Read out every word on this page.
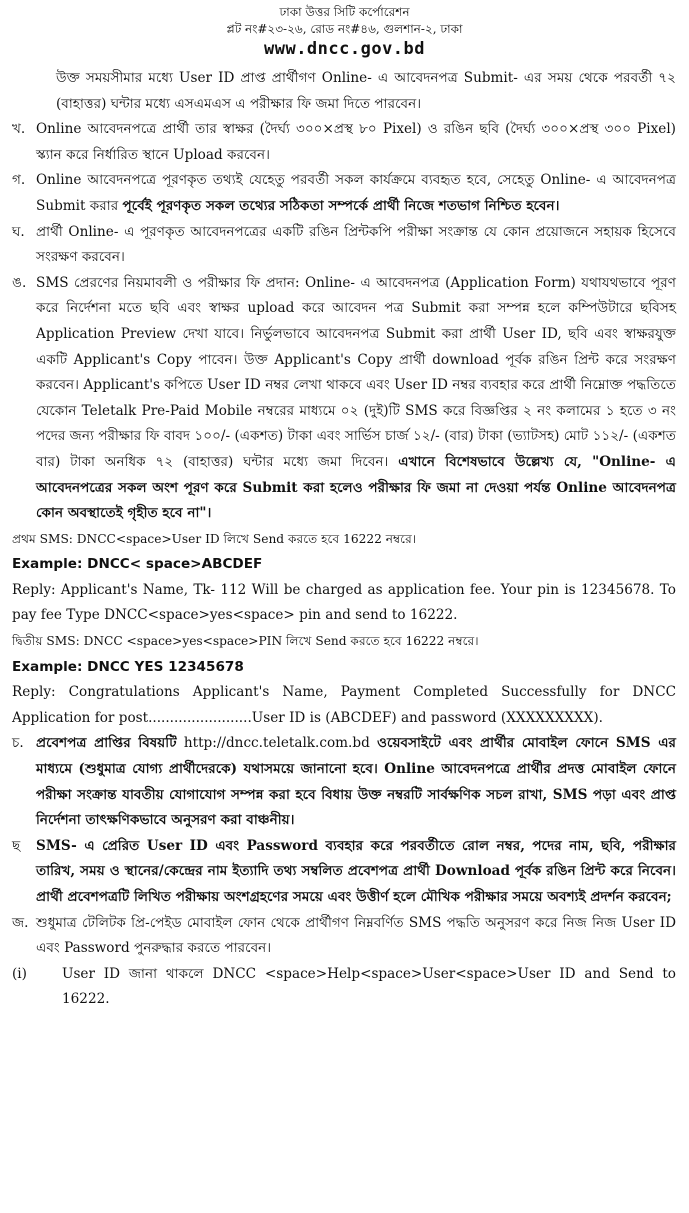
ঢাকা উত্তর সিটি কর্পোরেশন
প্লট নং#২৩-২৬, রোড নং#৪৬, গুলশান-২, ঢাকা
www.dncc.gov.bd

উক্ত সময়সীমার মধ্যে User ID প্রাপ্ত প্রার্থীগণ Online- এ আবেদনপত্র Submit- এর সময় থেকে পরবর্তী ৭২ (বাহাত্তর) ঘন্টার মধ্যে এসএমএস এ পরীক্ষার ফি জমা দিতে পারবেন।

খ. Online আবেদনপত্রে প্রার্থী তার স্বাক্ষর (দৈর্ঘ্য ৩০০×প্রস্থ ৮০ Pixel) ও রঙিন ছবি (দৈর্ঘ্য ৩০০×প্রস্থ ৩০০ Pixel) স্ক্যান করে নির্ধারিত স্থানে Upload করবেন।

গ. Online আবেদনপত্রে পূরণকৃত তথ্যই যেহেতু পরবর্তী সকল কার্যক্রমে ব্যবহৃত হবে, সেহেতু Online- এ আবেদনপত্র Submit করার পূর্বেই পূরণকৃত সকল তথ্যের সঠিকতা সম্পর্কে প্রার্থী নিজে শতভাগ নিশ্চিত হবেন।

ঘ. প্রার্থী Online- এ পূরণকৃত আবেদনপত্রের একটি রঙিন প্রিন্টকপি পরীক্ষা সংক্রান্ত যে কোন প্রয়োজনে সহায়ক হিসেবে সংরক্ষণ করবেন।

ঙ. SMS প্রেরণের নিয়মাবলী ও পরীক্ষার ফি প্রদান: Online- এ আবেদনপত্র (Application Form) যথাযথভাবে পূরণ করে নির্দেশনা মতে ছবি এবং স্বাক্ষর upload করে আবেদন পত্র Submit করা সম্পন্ন হলে কম্পিউটারে ছবিসহ Application Preview দেখা যাবে। নির্ভুলভাবে আবেদনপত্র Submit করা প্রার্থী User ID, ছবি এবং স্বাক্ষরযুক্ত একটি Applicant's Copy পাবেন। উক্ত Applicant's Copy প্রার্থী download পূর্বক রঙিন প্রিন্ট করে সংরক্ষণ করবেন। Applicant's কপিতে User ID নম্বর লেখা থাকবে এবং User ID নম্বর ব্যবহার করে প্রার্থী নিম্নোক্ত পদ্ধতিতে যেকোন Teletalk Pre-Paid Mobile নম্বরের মাধ্যমে ০২ (দুই)টি SMS করে বিজ্ঞপ্তির ২ নং কলামের ১ হতে ৩ নং পদের জন্য পরীক্ষার ফি বাবদ ১০০/- (একশত) টাকা এবং সার্ভিস চার্জ ১২/- (বার) টাকা (ভ্যাটসহ) মোট ১১২/- (একশত বার) টাকা অনধিক ৭২ (বাহাত্তর) ঘন্টার মধ্যে জমা দিবেন। এখানে বিশেষভাবে উল্লেখ্য যে, "Online- এ আবেদনপত্রের সকল অংশ পূরণ করে Submit করা হলেও পরীক্ষার ফি জমা না দেওয়া পর্যন্ত Online আবেদনপত্র কোন অবস্থাতেই গৃহীত হবে না"।

প্রথম SMS: DNCC<space>User ID লিখে Send করতে হবে 16222 নম্বরে।

Example: DNCC< space>ABCDEF

Reply: Applicant's Name, Tk- 112 Will be charged as application fee. Your pin is 12345678. To pay fee Type DNCC<space>yes<space> pin and send to 16222.

দ্বিতীয় SMS: DNCC <space>yes<space>PIN লিখে Send করতে হবে 16222 নম্বরে।

Example: DNCC YES 12345678

Reply: Congratulations Applicant's Name, Payment Completed Successfully for DNCC Application for post........................User ID is (ABCDEF) and password (XXXXXXXXX).

চ. প্রবেশপত্র প্রাপ্তির বিষয়টি http://dncc.teletalk.com.bd ওয়েবসাইটে এবং প্রার্থীর মোবাইল ফোনে SMS এর মাধ্যমে (শুধুমাত্র যোগ্য প্রার্থীদেরকে) যথাসময়ে জানানো হবে। Online আবেদনপত্রে প্রার্থীর প্রদত্ত মোবাইল ফোনে পরীক্ষা সংক্রান্ত যাবতীয় যোগাযোগ সম্পন্ন করা হবে বিধায় উক্ত নম্বরটি সার্বক্ষণিক সচল রাখা, SMS পড়া এবং প্রাপ্ত নির্দেশনা তাৎক্ষণিকভাবে অনুসরণ করা বাঞ্চনীয়।

ছ SMS- এ প্রেরিত User ID এবং Password ব্যবহার করে পরবর্তীতে রোল নম্বর, পদের নাম, ছবি, পরীক্ষার তারিখ, সময় ও স্থানের/কেন্দ্রের নাম ইত্যাদি তথ্য সম্বলিত প্রবেশপত্র প্রার্থী Download পূর্বক রঙিন প্রিন্ট করে নিবেন। প্রার্থী প্রবেশপত্রটি লিখিত পরীক্ষায় অংশগ্রহণের সময়ে এবং উত্তীর্ণ হলে মৌখিক পরীক্ষার সময়ে অবশ্যই প্রদর্শন করবেন;

জ. শুধুমাত্র টেলিটক প্রি-পেইড মোবাইল ফোন থেকে প্রার্থীগণ নিম্নবর্ণিত SMS পদ্ধতি অনুসরণ করে নিজ নিজ User ID এবং Password পুনরুদ্ধার করতে পারবেন।

(i)	User ID জানা থাকলে DNCC <space>Help<space>User<space>User ID and Send to 16222.
